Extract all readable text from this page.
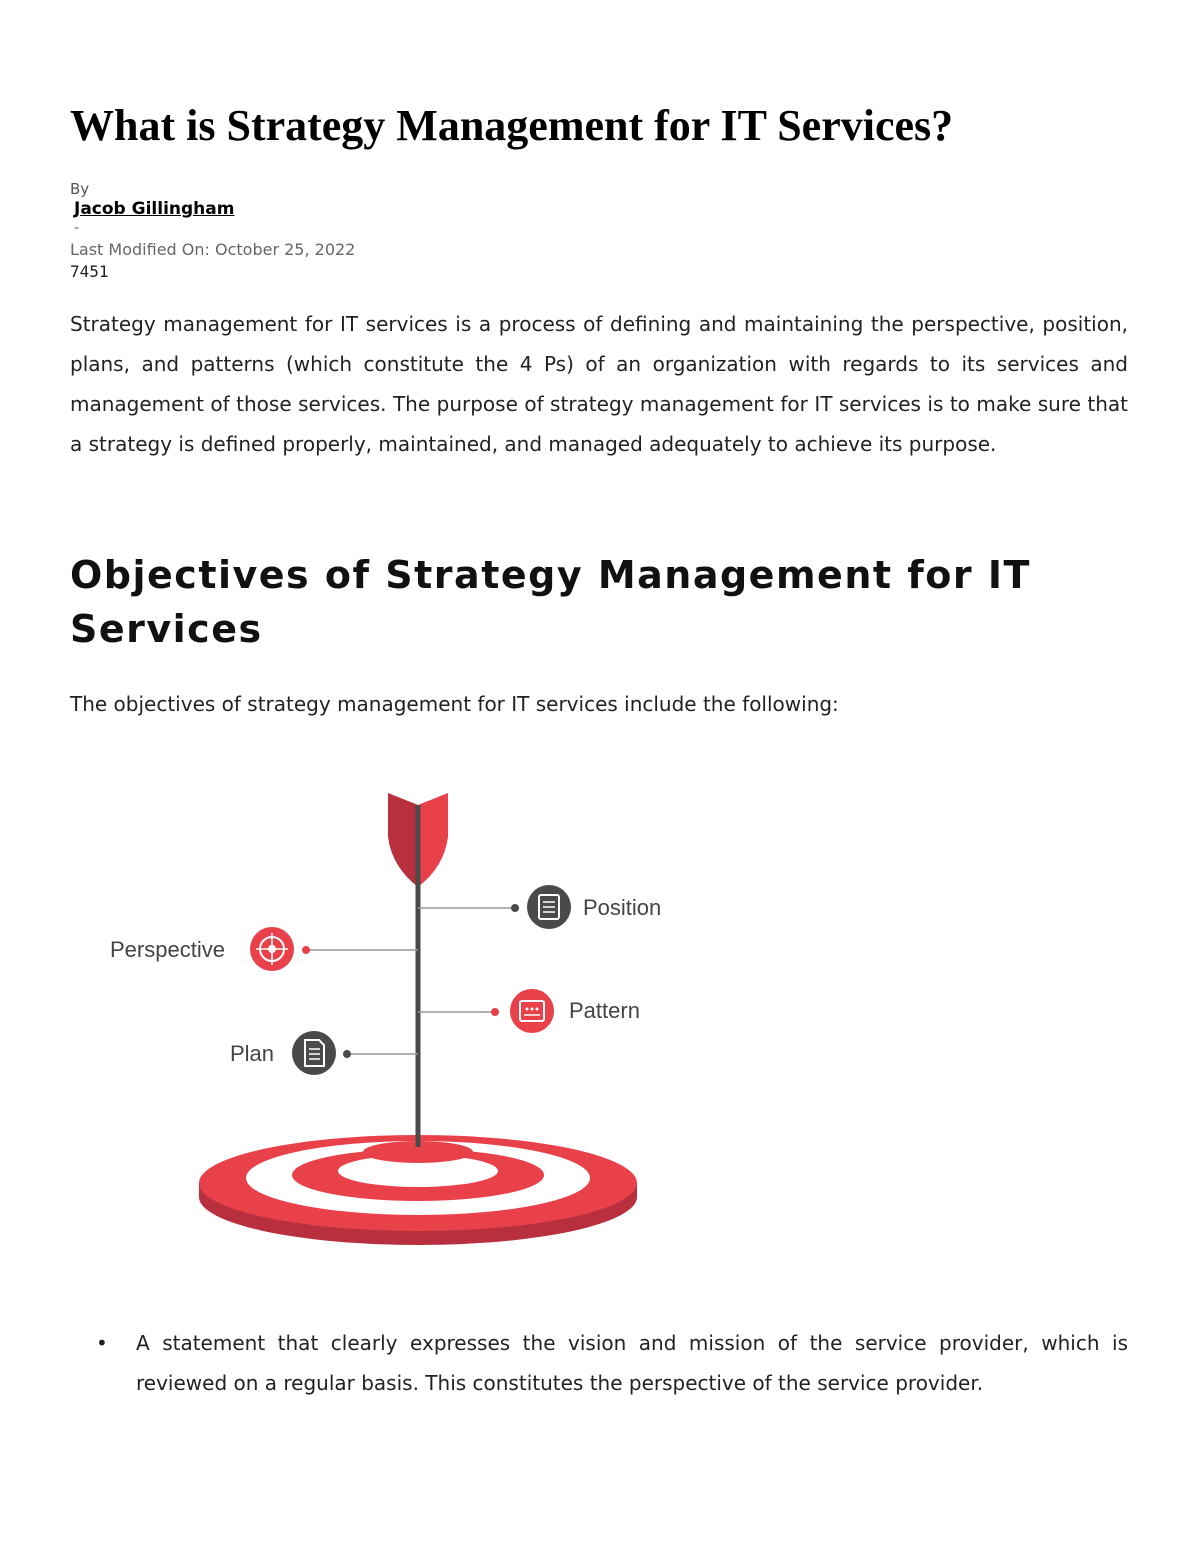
What is Strategy Management for IT Services?
By
Jacob Gillingham
-
Last Modified On: October 25, 2022
7451

Strategy management for IT services is a process of defining and maintaining the perspective, position, plans, and patterns (which constitute the 4 Ps) of an organization with regards to its services and management of those services. The purpose of strategy management for IT services is to make sure that a strategy is defined properly, maintained, and managed adequately to achieve its purpose.

Objectives of Strategy Management for IT Services
The objectives of strategy management for IT services include the following:
Position
Perspective
Pattern
Plan
• A statement that clearly expresses the vision and mission of the service provider, which is reviewed on a regular basis. This constitutes the perspective of the service provider.
